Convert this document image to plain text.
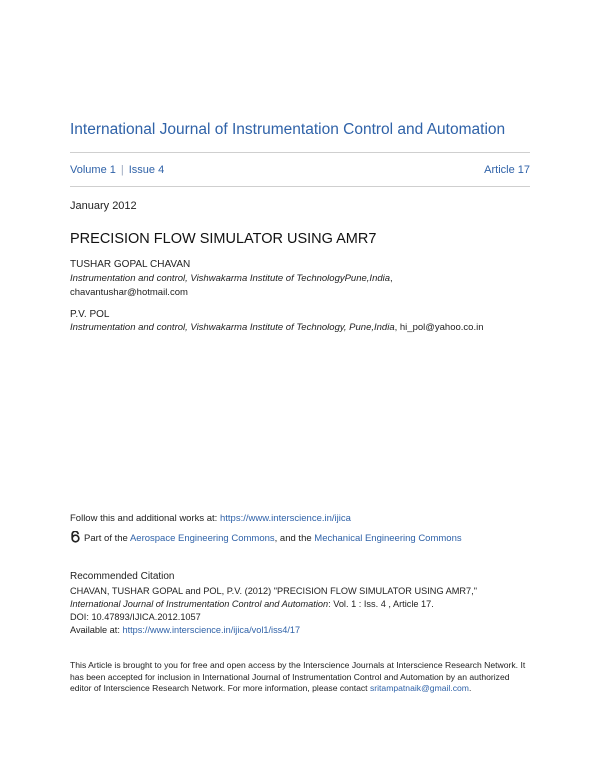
International Journal of Instrumentation Control and Automation
Volume 1 | Issue 4	Article 17
January 2012
PRECISION FLOW SIMULATOR USING AMR7
TUSHAR GOPAL CHAVAN
Instrumentation and control, Vishwakarma Institute of TechnologyPune,India,
chavantushar@hotmail.com
P.V. POL
Instrumentation and control, Vishwakarma Institute of Technology, Pune,India, hi_pol@yahoo.co.in
Follow this and additional works at: https://www.interscience.in/ijica
Part of the Aerospace Engineering Commons, and the Mechanical Engineering Commons
Recommended Citation
CHAVAN, TUSHAR GOPAL and POL, P.V. (2012) "PRECISION FLOW SIMULATOR USING AMR7,"
International Journal of Instrumentation Control and Automation: Vol. 1 : Iss. 4 , Article 17.
DOI: 10.47893/IJICA.2012.1057
Available at: https://www.interscience.in/ijica/vol1/iss4/17
This Article is brought to you for free and open access by the Interscience Journals at Interscience Research Network. It has been accepted for inclusion in International Journal of Instrumentation Control and Automation by an authorized editor of Interscience Research Network. For more information, please contact sritampatnaik@gmail.com.
